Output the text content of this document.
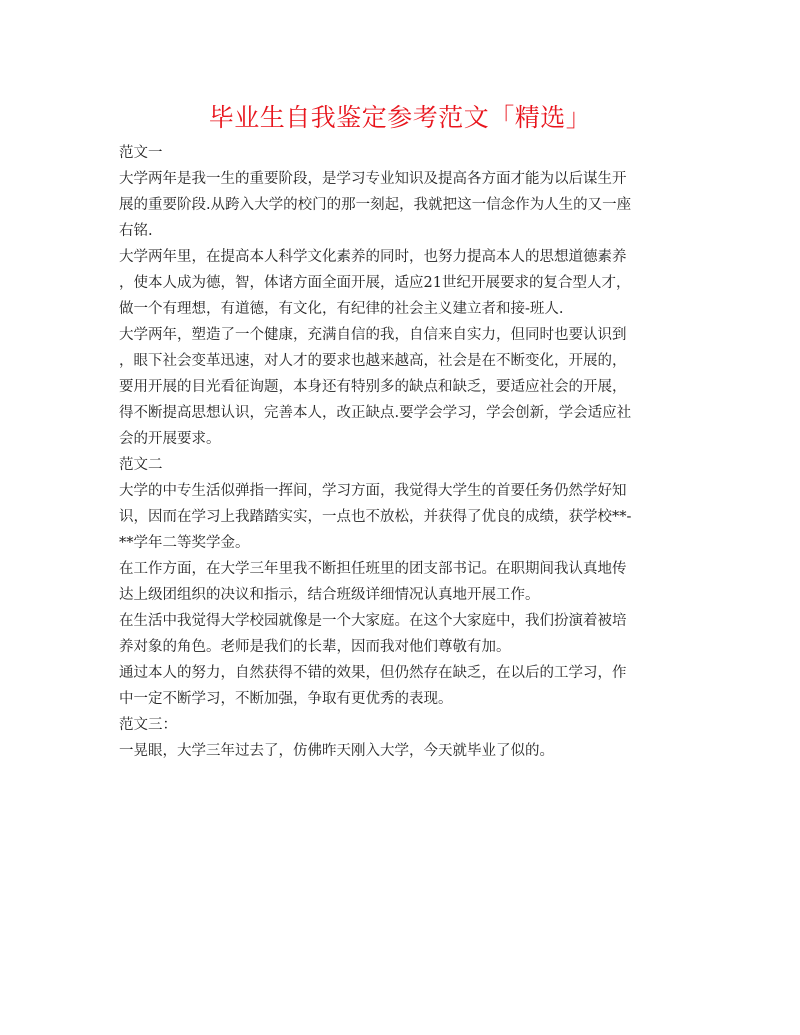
毕业生自我鉴定参考范文「精选」
范文一
大学两年是我一生的重要阶段，是学习专业知识及提高各方面才能为以后谋生开
展的重要阶段.从跨入大学的校门的那一刻起，我就把这一信念作为人生的又一座
右铭.
大学两年里，在提高本人科学文化素养的同时，也努力提高本人的思想道德素养
，使本人成为德，智，体诸方面全面开展，适应21世纪开展要求的复合型人才，
做一个有理想，有道德，有文化，有纪律的社会主义建立者和接-班人.
大学两年，塑造了一个健康，充满自信的我，自信来自实力，但同时也要认识到
，眼下社会变革迅速，对人才的要求也越来越高，社会是在不断变化，开展的，
要用开展的目光看征询题，本身还有特别多的缺点和缺乏，要适应社会的开展，
得不断提高思想认识，完善本人，改正缺点.要学会学习，学会创新，学会适应社
会的开展要求。
范文二
大学的中专生活似弹指一挥间，学习方面，我觉得大学生的首要任务仍然学好知
识，因而在学习上我踏踏实实，一点也不放松，并获得了优良的成绩，获学校**-
**学年二等奖学金。
在工作方面，在大学三年里我不断担任班里的团支部书记。在职期间我认真地传
达上级团组织的决议和指示，结合班级详细情况认真地开展工作。
在生活中我觉得大学校园就像是一个大家庭。在这个大家庭中，我们扮演着被培
养对象的角色。老师是我们的长辈，因而我对他们尊敬有加。
通过本人的努力，自然获得不错的效果，但仍然存在缺乏，在以后的工学习，作
中一定不断学习，不断加强，争取有更优秀的表现。
范文三：
一晃眼，大学三年过去了，仿佛昨天刚入大学，今天就毕业了似的。
